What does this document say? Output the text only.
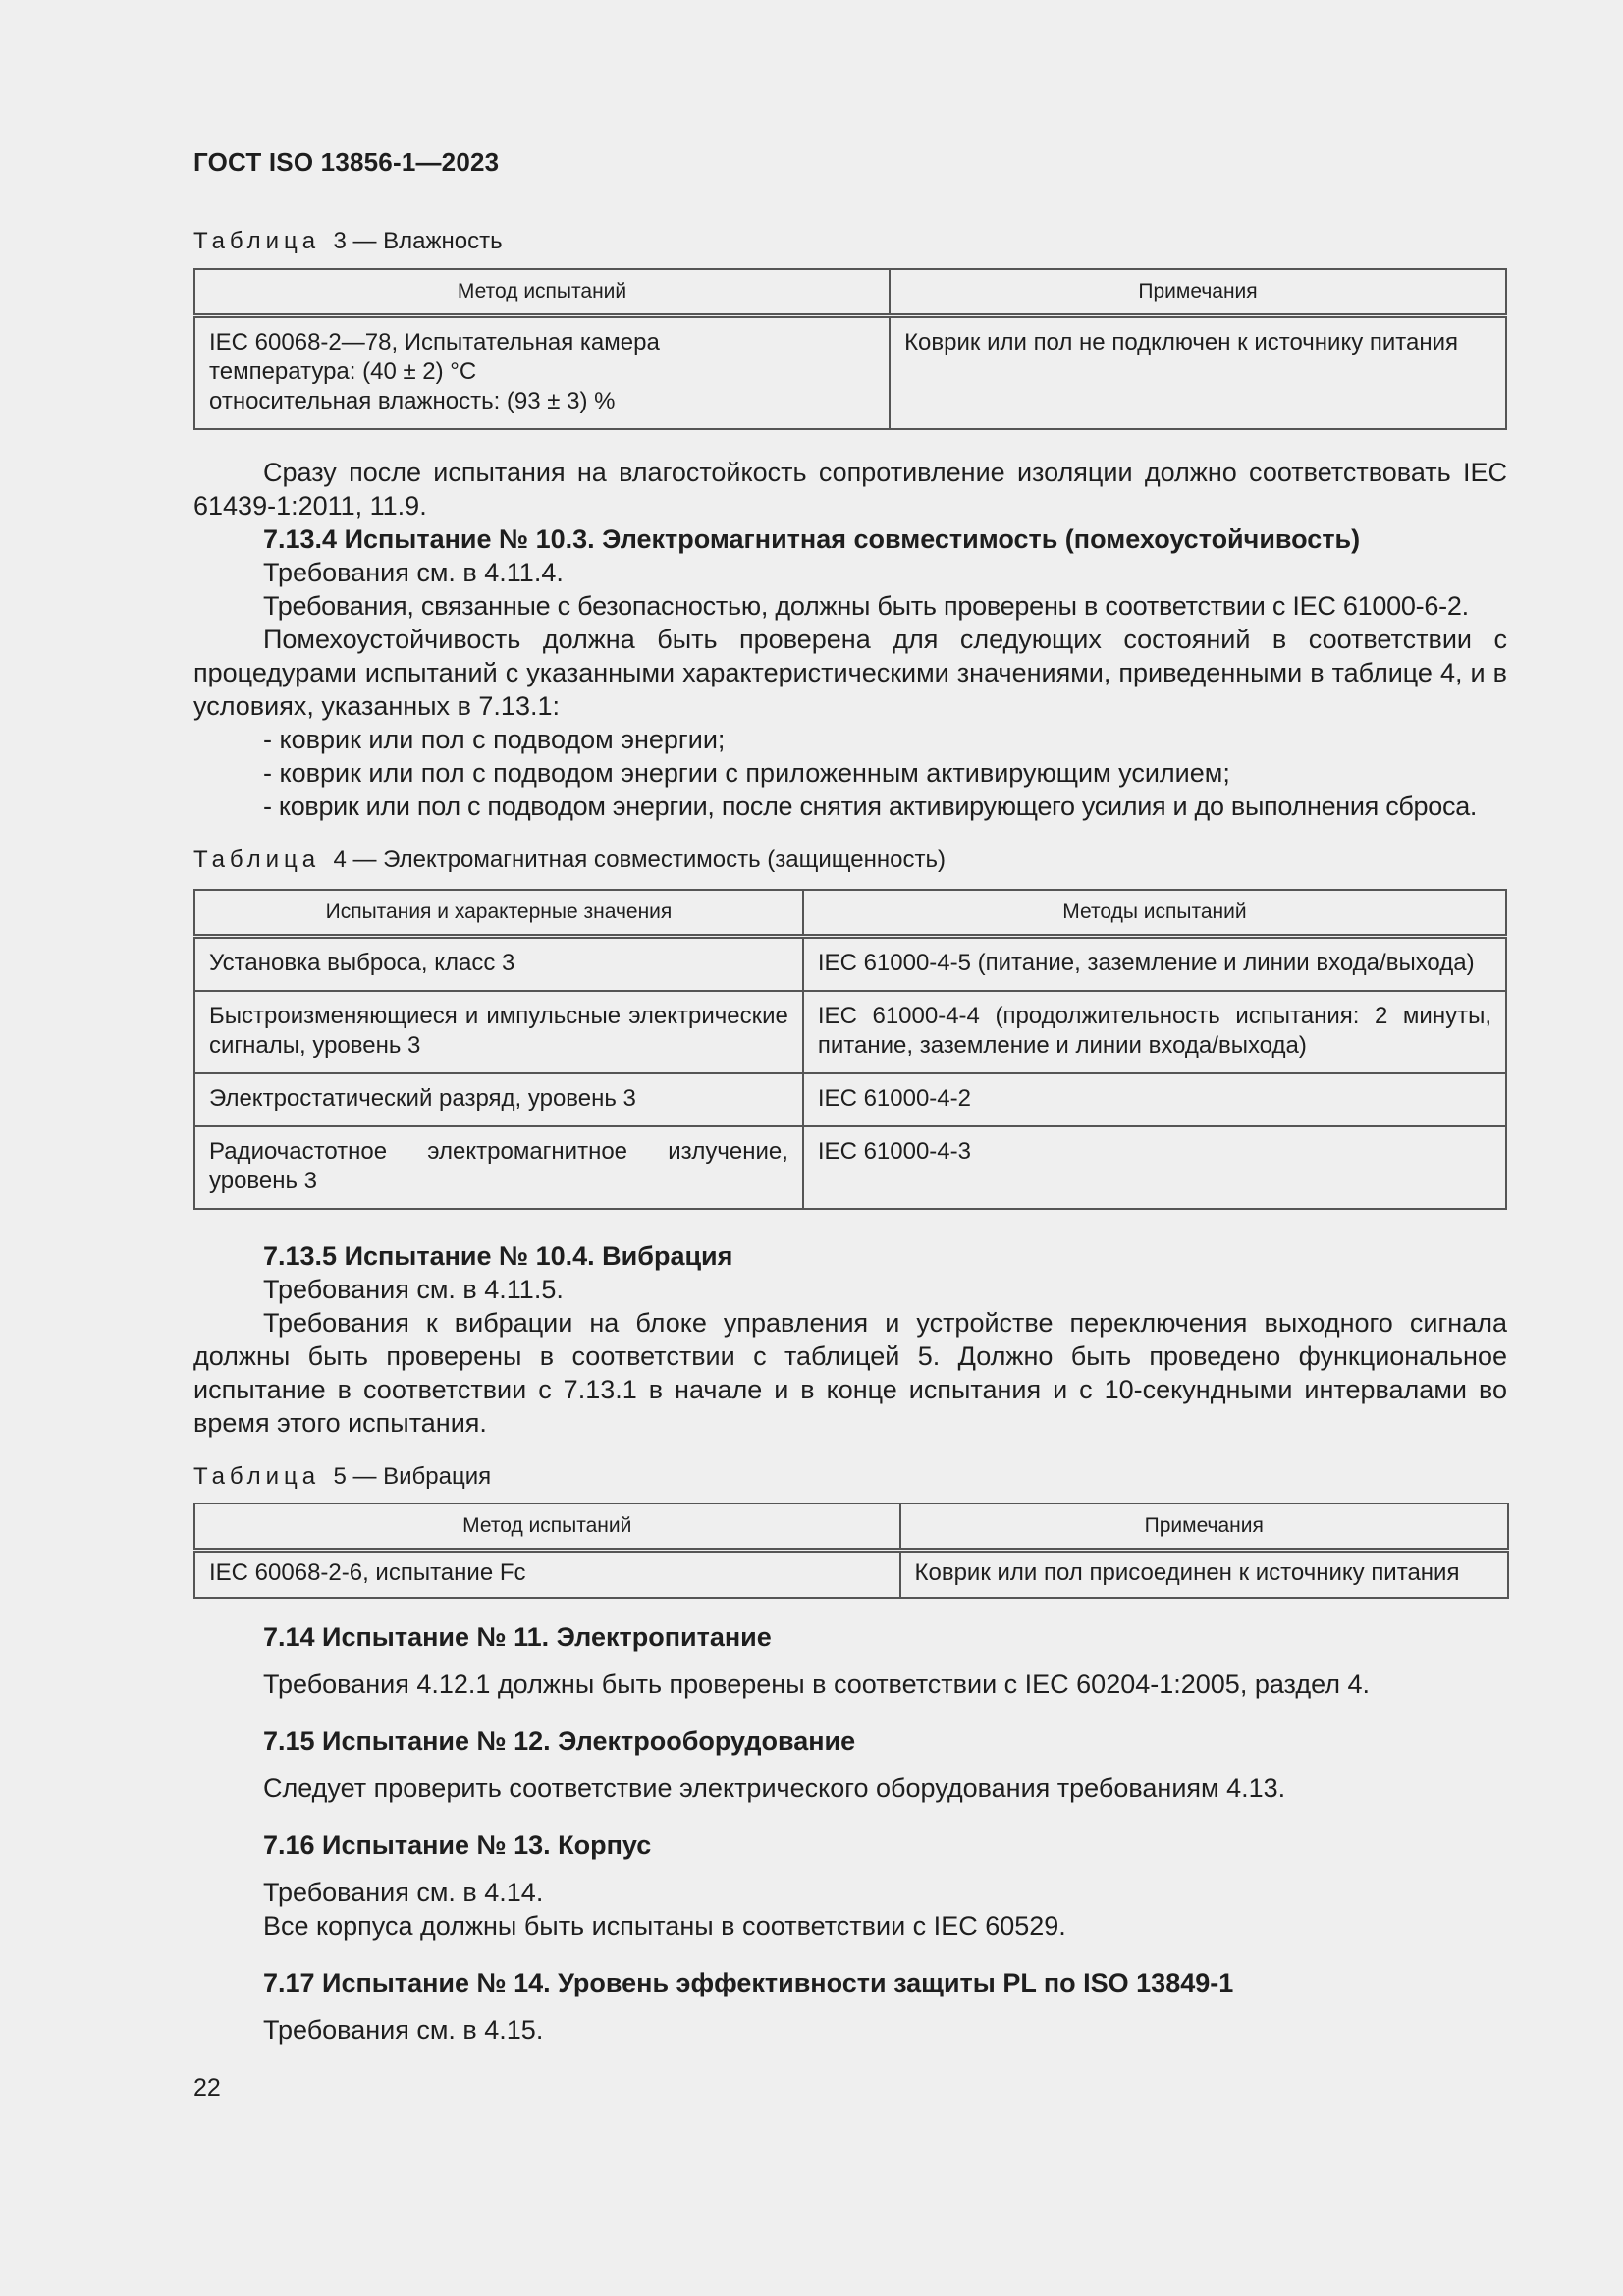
ГОСТ ISO 13856-1—2023
Таблица 3 — Влажность
Метод испытаний	Примечания

IEC 60068-2—78, Испытательная камера
температура: (40 ± 2) °C
относительная влажность: (93 ± 3) %	Коврик или пол не подключен к источнику питания

Сразу после испытания на влагостойкость сопротивление изоляции должно соответствовать IEC 61439-1:2011, 11.9.

7.13.4 Испытание № 10.3. Электромагнитная совместимость (помехоустойчивость)

Требования см. в 4.11.4.

Требования, связанные с безопасностью, должны быть проверены в соответствии с IEC 61000-6-2.

Помехоустойчивость должна быть проверена для следующих состояний в соответствии с процедурами испытаний с указанными характеристическими значениями, приведенными в таблице 4, и в условиях, указанных в 7.13.1:

- коврик или пол с подводом энергии;

- коврик или пол с подводом энергии с приложенным активирующим усилием;

- коврик или пол с подводом энергии, после снятия активирующего усилия и до выполнения сброса.

Таблица 4 — Электромагнитная совместимость (защищенность)
Испытания и характерные значения	Методы испытаний
Установка выброса, класс 3	IEC 61000-4-5 (питание, заземление и линии входа/выхода)
Быстроизменяющиеся и импульсные электрические сигналы, уровень 3	IEC 61000-4-4 (продолжительность испытания: 2 минуты, питание, заземление и линии входа/выхода)
Электростатический разряд, уровень 3	IEC 61000-4-2
Радиочастотное электромагнитное излучение, уровень 3	IEC 61000-4-3

7.13.5 Испытание № 10.4. Вибрация

Требования см. в 4.11.5.

Требования к вибрации на блоке управления и устройстве переключения выходного сигнала должны быть проверены в соответствии с таблицей 5. Должно быть проведено функциональное испытание в соответствии с 7.13.1 в начале и в конце испытания и с 10-секундными интервалами во время этого испытания.

Таблица 5 — Вибрация
Метод испытаний	Примечания
IEC 60068-2-6, испытание Fc	Коврик или пол присоединен к источнику питания

7.14 Испытание № 11. Электропитание

Требования 4.12.1 должны быть проверены в соответствии с IEC 60204-1:2005, раздел 4.

7.15 Испытание № 12. Электрооборудование

Следует проверить соответствие электрического оборудования требованиям 4.13.

7.16 Испытание № 13. Корпус

Требования см. в 4.14.

Все корпуса должны быть испытаны в соответствии с IEC 60529.

7.17 Испытание № 14. Уровень эффективности защиты PL по ISO 13849-1

Требования см. в 4.15.

22
